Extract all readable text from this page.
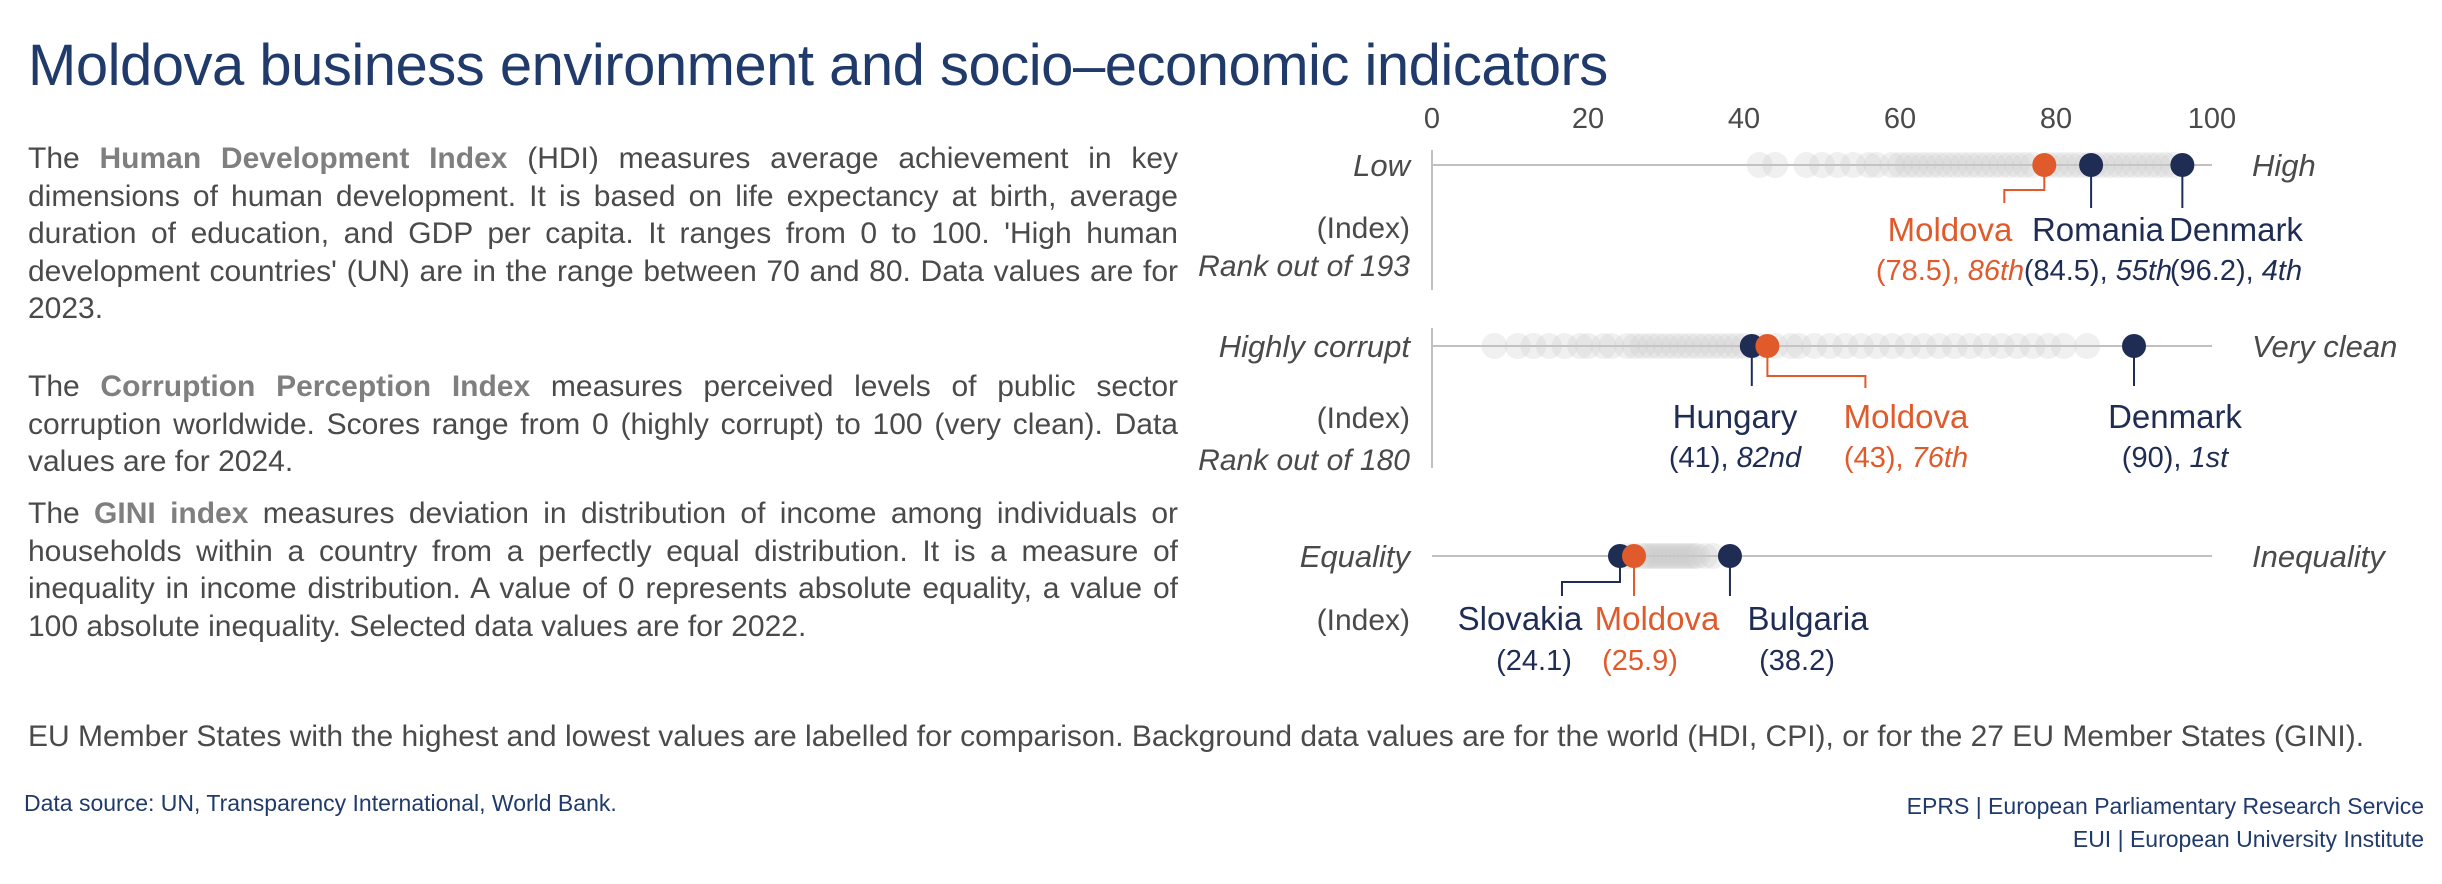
Moldova business environment and socio–economic indicators

The Human Development Index (HDI) measures average achievement in key dimensions of human development. It is based on life expectancy at birth, average duration of education, and GDP per capita. It ranges from 0 to 100. 'High human development countries' (UN) are in the range between 70 and 80. Data values are for 2023.

The Corruption Perception Index measures perceived levels of public sector corruption worldwide. Scores range from 0 (highly corrupt) to 100 (very clean). Data values are for 2024.

The GINI index measures deviation in distribution of income among individuals or households within a country from a perfectly equal distribution. It is a measure of inequality in income distribution. A value of 0 represents absolute equality, a value of 100 absolute inequality. Selected data values are for 2022.

0	20	40	60	80	100
Low	High
(Index)
Rank out of 193
Moldova
(78.5), 86th
Romania
(84.5), 55th
Denmark
(96.2), 4th
Highly corrupt	Very clean
(Index)
Rank out of 180
Hungary
(41), 82nd
Moldova
(43), 76th
Denmark
(90), 1st
Equality	Inequality
(Index) Slovakia
(24.1)
Moldova
(25.9)
Bulgaria
(38.2)

EU Member States with the highest and lowest values are labelled for comparison. Background data values are for the world (HDI, CPI), or for the 27 EU Member States (GINI).

Data source: UN, Transparency International, World Bank.	EPRS | European Parliamentary Research Service
EUI | European University Institute
